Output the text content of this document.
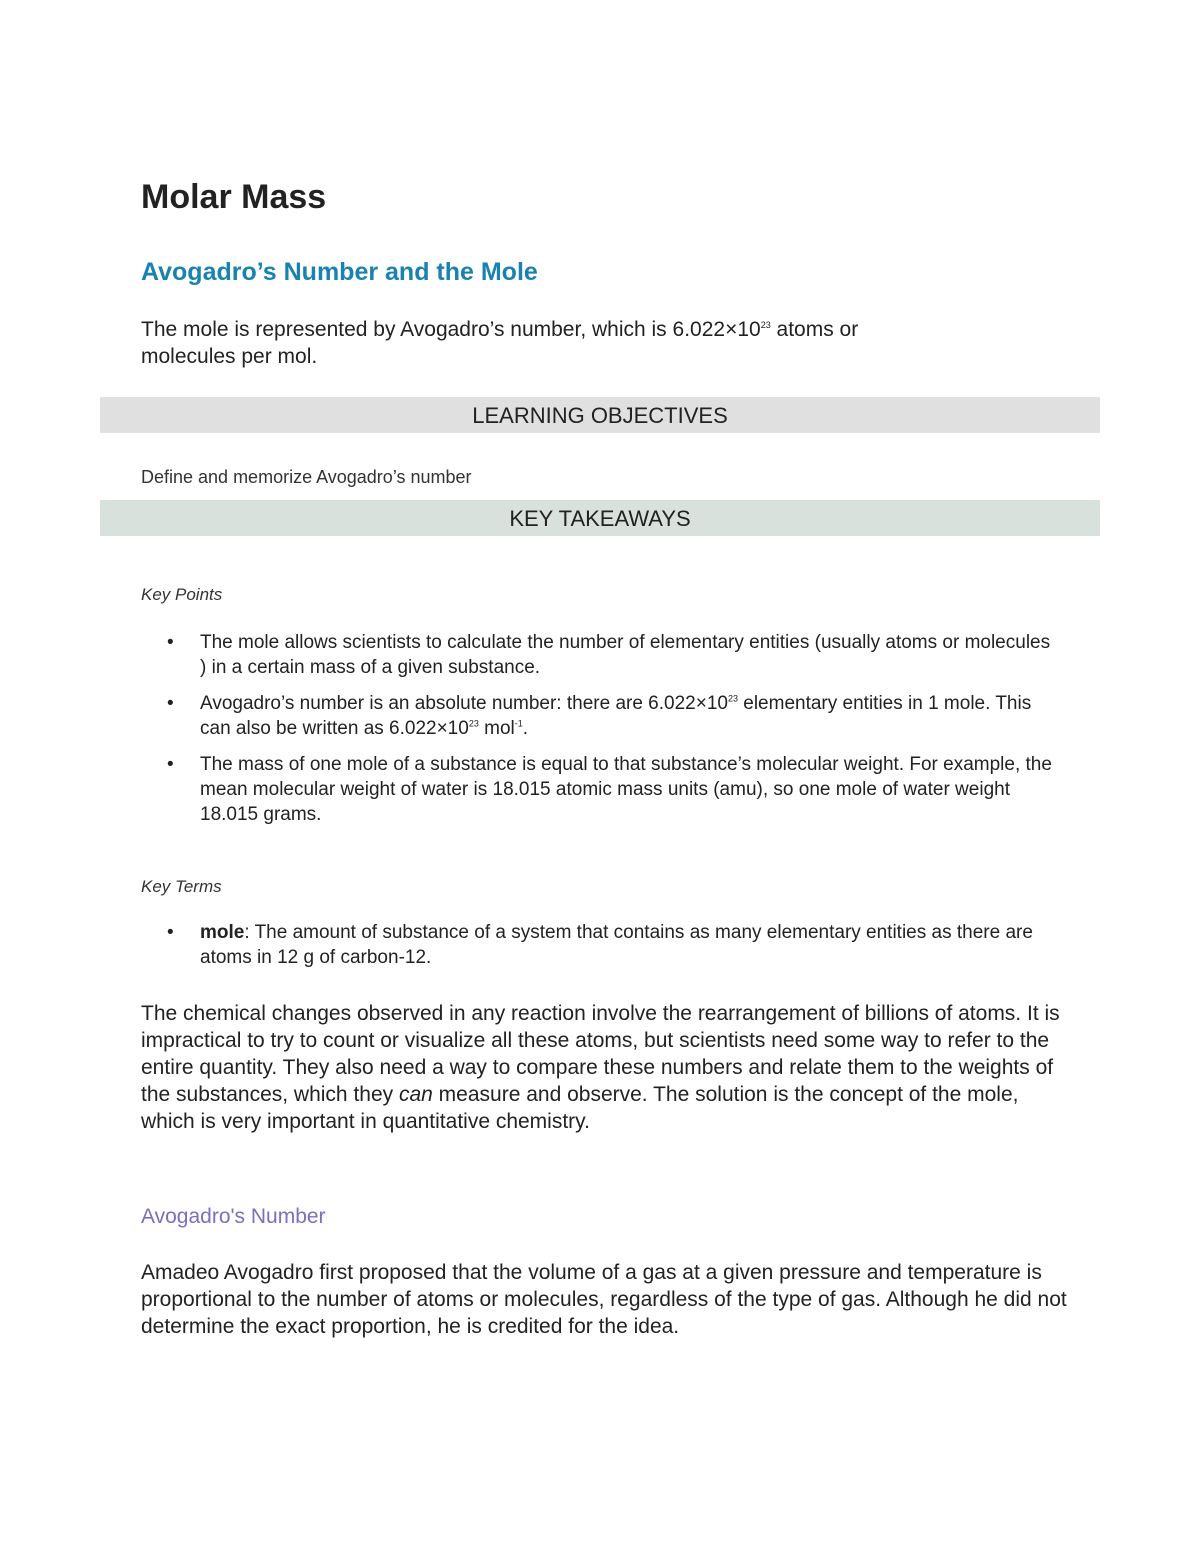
Molar Mass
Avogadro’s Number and the Mole

The mole is represented by Avogadro’s number, which is $6.022\times 10^{23}$ atoms or
molecules per mol.

LEARNING OBJECTIVES

Define and memorize Avogadro’s number

KEY TAKEAWAYS

Key Points

• The mole allows scientists to calculate the number of elementary entities (usually atoms or molecules ) in a certain mass of a given substance.
• Avogadro’s number is an absolute number: there are $6.022\times 10^{23}$ elementary entities in 1 mole. This can also be written as $6.022\times 10^{23}$ mol$^{-1}$.
• The mass of one mole of a substance is equal to that substance’s molecular weight. For example, the mean molecular weight of water is 18.015 atomic mass units (amu), so one mole of water weight 18.015 grams.

Key Terms

• mole: The amount of substance of a system that contains as many elementary entities as there are atoms in 12 g of carbon-12.

The chemical changes observed in any reaction involve the rearrangement of billions of atoms. It is impractical to try to count or visualize all these atoms, but scientists need some way to refer to the entire quantity. They also need a way to compare these numbers and relate them to the weights of the substances, which they can measure and observe. The solution is the concept of the mole, which is very important in quantitative chemistry.

Avogadro's Number

Amadeo Avogadro first proposed that the volume of a gas at a given pressure and temperature is proportional to the number of atoms or molecules, regardless of the type of gas. Although he did not determine the exact proportion, he is credited for the idea.
